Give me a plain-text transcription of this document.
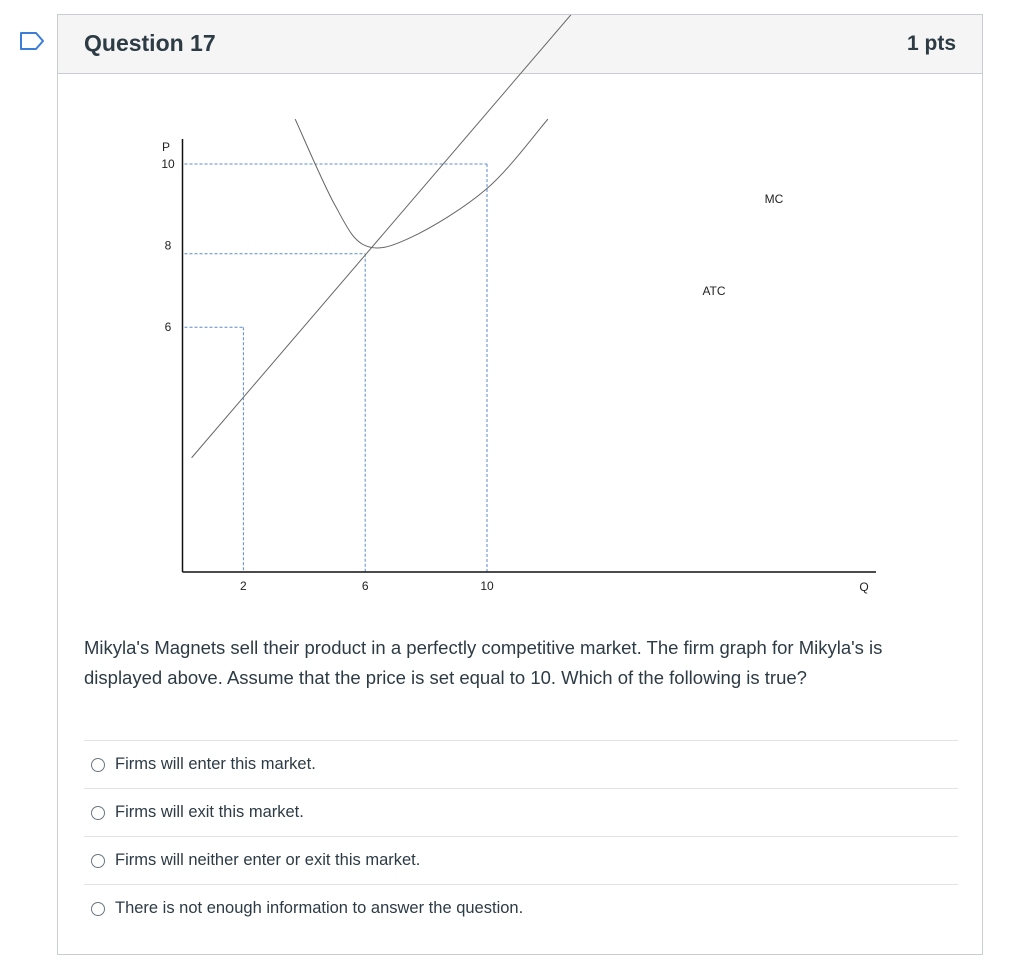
Question 17	1 pts
P
Q
6
8
10
2	6	10
MC
ATC
Mikyla's Magnets sell their product in a perfectly competitive market. The firm graph for Mikyla's is displayed above. Assume that the price is set equal to 10. Which of the following is true?
Firms will enter this market.
Firms will exit this market.
Firms will neither enter or exit this market.
There is not enough information to answer the question.
